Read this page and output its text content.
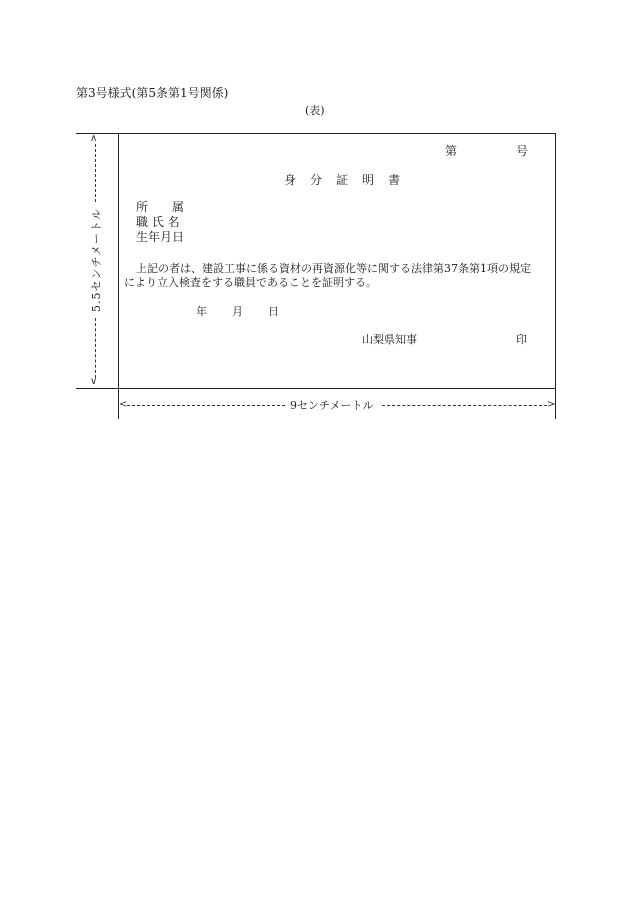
第3号様式(第5条第1号関係)
(表)
第	号
身分証明書
所　　属
職 氏 名
生年月日
上記の者は、建設工事に係る資材の再資源化等に関する法律第37条第1項の規定
により立入検査をする職員であることを証明する。
年 月 日
山梨県知事	印
∧
5.5センチメートル
∨
<	9センチメートル	>
